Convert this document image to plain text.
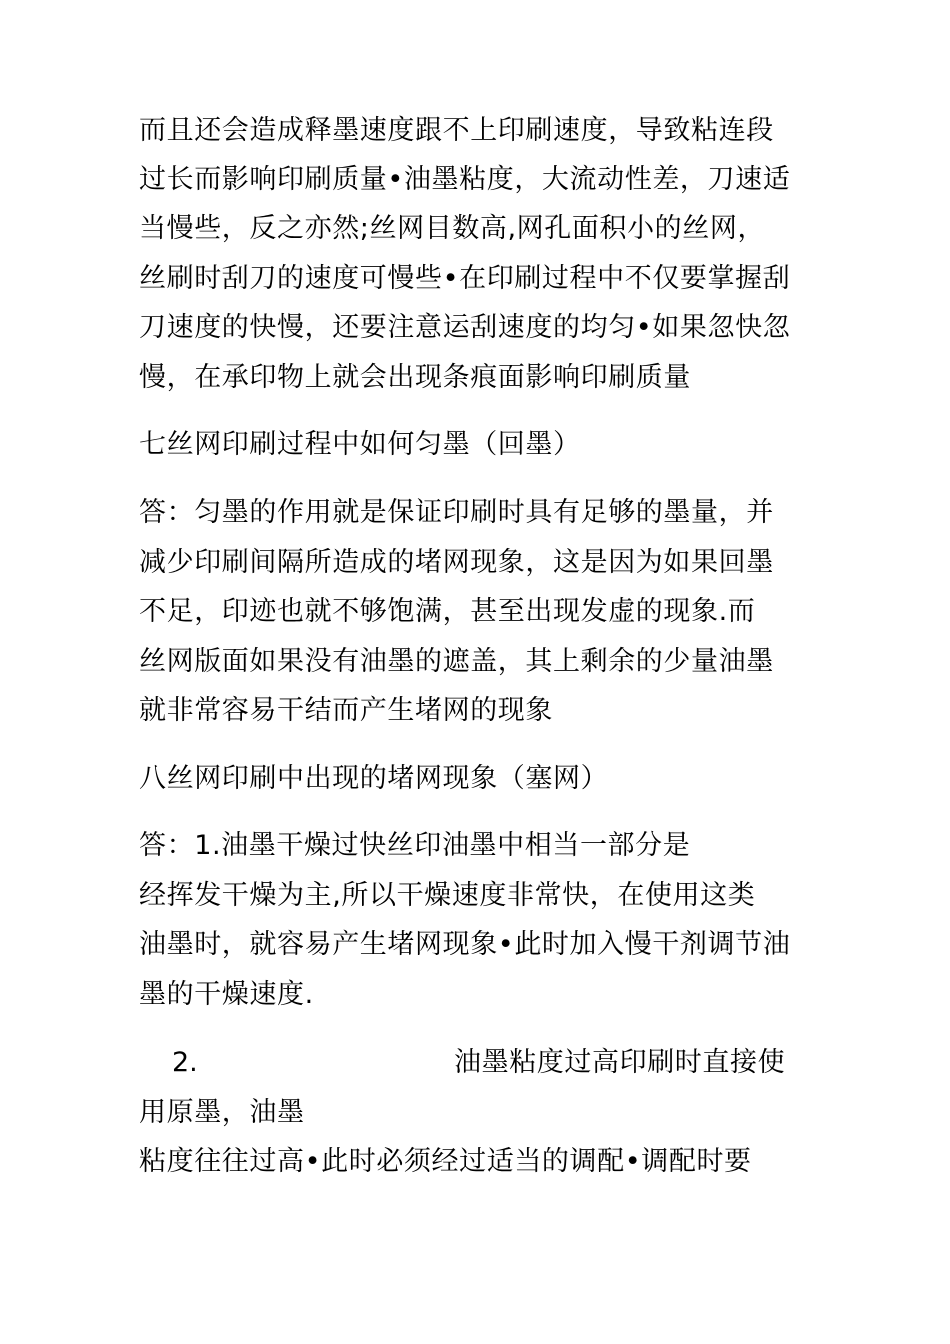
而且还会造成释墨速度跟不上印刷速度，导致粘连段
过长而影响印刷质量•油墨粘度，大流动性差，刀速适
当慢些，反之亦然;丝网目数高,网孔面积小的丝网，
丝刷时刮刀的速度可慢些•在印刷过程中不仅要掌握刮
刀速度的快慢，还要注意运刮速度的均匀•如果忽快忽
慢，在承印物上就会出现条痕面影响印刷质量
七丝网印刷过程中如何匀墨（回墨）
答：匀墨的作用就是保证印刷时具有足够的墨量，并
减少印刷间隔所造成的堵网现象，这是因为如果回墨
不足，印迹也就不够饱满，甚至出现发虚的现象.而
丝网版面如果没有油墨的遮盖，其上剩余的少量油墨
就非常容易干结而产生堵网的现象
八丝网印刷中出现的堵网现象（塞网）
答：1.油墨干燥过快丝印油墨中相当一部分是
经挥发干燥为主,所以干燥速度非常快，在使用这类
油墨时，就容易产生堵网现象•此时加入慢干剂调节油
墨的干燥速度.
2.	油墨粘度过高印刷时直接使
用原墨，油墨
粘度往往过高•此时必须经过适当的调配•调配时要
